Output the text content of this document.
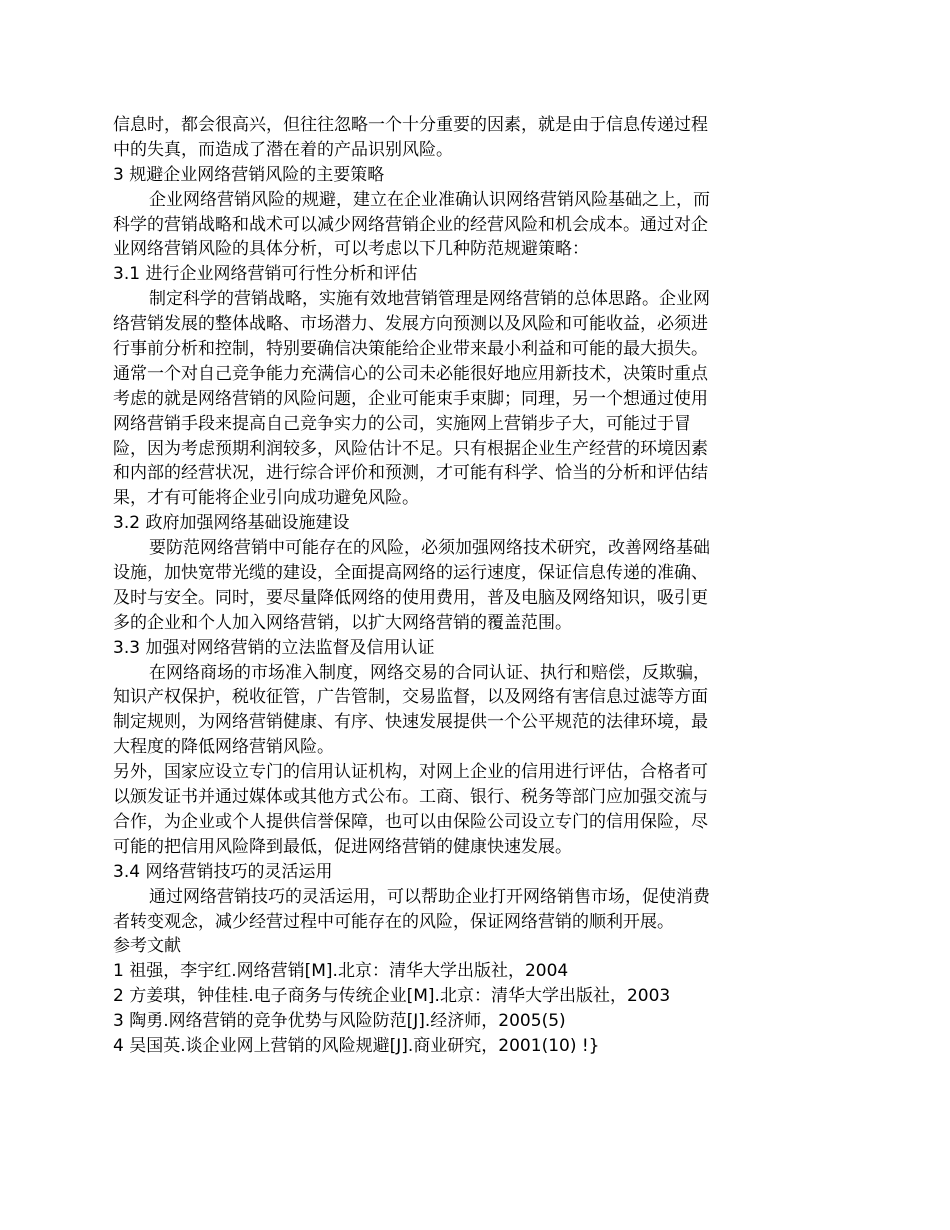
信息时，都会很高兴，但往往忽略一个十分重要的因素，就是由于信息传递过程
中的失真，而造成了潜在着的产品识别风险。
3 规避企业网络营销风险的主要策略
企业网络营销风险的规避，建立在企业准确认识网络营销风险基础之上，而
科学的营销战略和战术可以减少网络营销企业的经营风险和机会成本。通过对企
业网络营销风险的具体分析，可以考虑以下几种防范规避策略：
3.1 进行企业网络营销可行性分析和评估
制定科学的营销战略，实施有效地营销管理是网络营销的总体思路。企业网
络营销发展的整体战略、市场潜力、发展方向预测以及风险和可能收益，必须进
行事前分析和控制，特别要确信决策能给企业带来最小利益和可能的最大损失。
通常一个对自己竞争能力充满信心的公司未必能很好地应用新技术，决策时重点
考虑的就是网络营销的风险问题，企业可能束手束脚；同理，另一个想通过使用
网络营销手段来提高自己竞争实力的公司，实施网上营销步子大，可能过于冒
险，因为考虑预期利润较多，风险估计不足。只有根据企业生产经营的环境因素
和内部的经营状况，进行综合评价和预测，才可能有科学、恰当的分析和评估结
果，才有可能将企业引向成功避免风险。
3.2 政府加强网络基础设施建设
要防范网络营销中可能存在的风险，必须加强网络技术研究，改善网络基础
设施，加快宽带光缆的建设，全面提高网络的运行速度，保证信息传递的准确、
及时与安全。同时，要尽量降低网络的使用费用，普及电脑及网络知识，吸引更
多的企业和个人加入网络营销，以扩大网络营销的覆盖范围。
3.3 加强对网络营销的立法监督及信用认证
在网络商场的市场准入制度，网络交易的合同认证、执行和赔偿，反欺骗，
知识产权保护，税收征管，广告管制，交易监督，以及网络有害信息过滤等方面
制定规则，为网络营销健康、有序、快速发展提供一个公平规范的法律环境，最
大程度的降低网络营销风险。
另外，国家应设立专门的信用认证机构，对网上企业的信用进行评估，合格者可
以颁发证书并通过媒体或其他方式公布。工商、银行、税务等部门应加强交流与
合作，为企业或个人提供信誉保障，也可以由保险公司设立专门的信用保险，尽
可能的把信用风险降到最低，促进网络营销的健康快速发展。
3.4 网络营销技巧的灵活运用
通过网络营销技巧的灵活运用，可以帮助企业打开网络销售市场，促使消费
者转变观念，减少经营过程中可能存在的风险，保证网络营销的顺利开展。
参考文献
1 祖强，李宇红.网络营销[M].北京：清华大学出版社，2004
2 方姜琪，钟佳桂.电子商务与传统企业[M].北京：清华大学出版社，2003
3 陶勇.网络营销的竞争优势与风险防范[J].经济师，2005(5)
4 吴国英.谈企业网上营销的风险规避[J].商业研究，2001(10) !}
